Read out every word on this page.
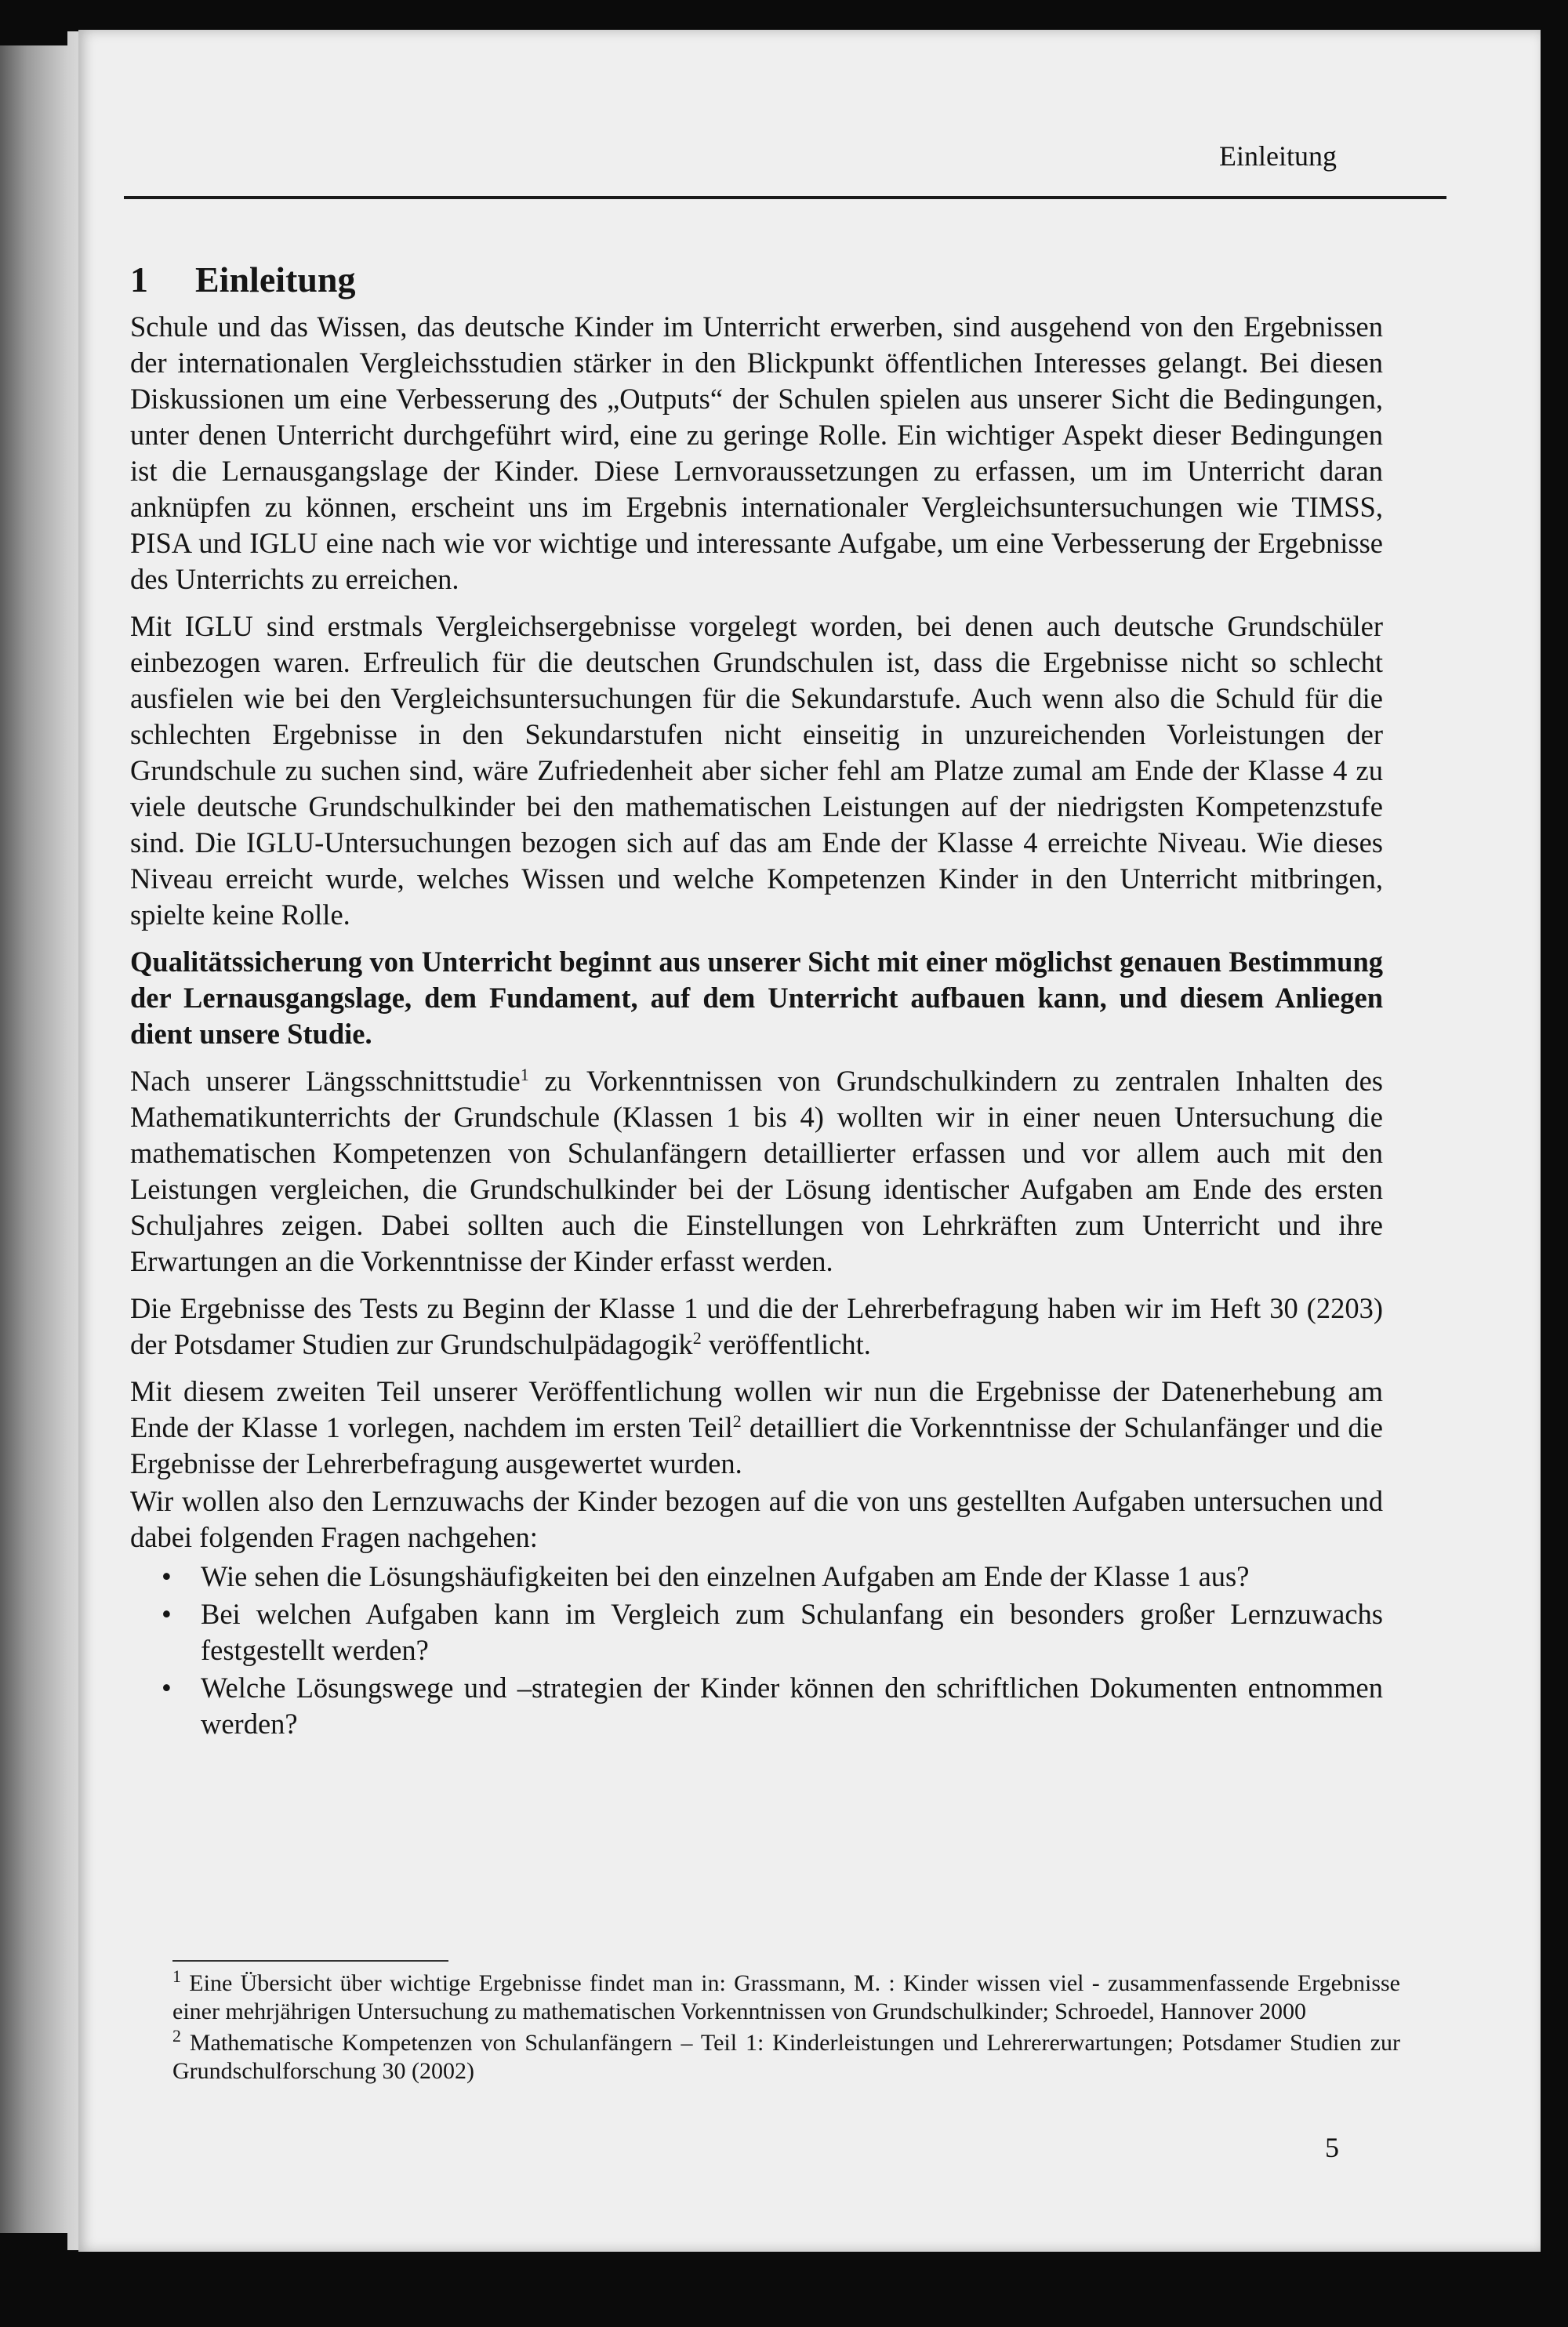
Einleitung
1 Einleitung

Schule und das Wissen, das deutsche Kinder im Unterricht erwerben, sind ausgehend von den Ergebnissen der internationalen Vergleichsstudien stärker in den Blickpunkt öffentlichen Interesses gelangt. Bei diesen Diskussionen um eine Verbesserung des „Outputs“ der Schulen spielen aus unserer Sicht die Bedingungen, unter denen Unterricht durchgeführt wird, eine zu geringe Rolle. Ein wichtiger Aspekt dieser Bedingungen ist die Lernausgangslage der Kinder. Diese Lernvoraussetzungen zu erfassen, um im Unterricht daran anknüpfen zu können, erscheint uns im Ergebnis internationaler Vergleichsuntersuchungen wie TIMSS, PISA und IGLU eine nach wie vor wichtige und interessante Aufgabe, um eine Verbesserung der Ergebnisse des Unterrichts zu erreichen.

Mit IGLU sind erstmals Vergleichsergebnisse vorgelegt worden, bei denen auch deutsche Grundschüler einbezogen waren. Erfreulich für die deutschen Grundschulen ist, dass die Ergebnisse nicht so schlecht ausfielen wie bei den Vergleichsuntersuchungen für die Sekundarstufe. Auch wenn also die Schuld für die schlechten Ergebnisse in den Sekundarstufen nicht einseitig in unzureichenden Vorleistungen der Grundschule zu suchen sind, wäre Zufriedenheit aber sicher fehl am Platze zumal am Ende der Klasse 4 zu viele deutsche Grundschulkinder bei den mathematischen Leistungen auf der niedrigsten Kompetenzstufe sind. Die IGLU-Untersuchungen bezogen sich auf das am Ende der Klasse 4 erreichte Niveau. Wie dieses Niveau erreicht wurde, welches Wissen und welche Kompetenzen Kinder in den Unterricht mitbringen, spielte keine Rolle.

Qualitätssicherung von Unterricht beginnt aus unserer Sicht mit einer möglichst genauen Bestimmung der Lernausgangslage, dem Fundament, auf dem Unterricht aufbauen kann, und diesem Anliegen dient unsere Studie.

Nach unserer Längsschnittstudie$^1$ zu Vorkenntnissen von Grundschulkindern zu zentralen Inhalten des Mathematikunterrichts der Grundschule (Klassen 1 bis 4) wollten wir in einer neuen Untersuchung die mathematischen Kompetenzen von Schulanfängern detaillierter erfassen und vor allem auch mit den Leistungen vergleichen, die Grundschulkinder bei der Lösung identischer Aufgaben am Ende des ersten Schuljahres zeigen. Dabei sollten auch die Einstellungen von Lehrkräften zum Unterricht und ihre Erwartungen an die Vorkenntnisse der Kinder erfasst werden.

Die Ergebnisse des Tests zu Beginn der Klasse 1 und die der Lehrerbefragung haben wir im Heft 30 (2203) der Potsdamer Studien zur Grundschulpädagogik$^2$ veröffentlicht.

Mit diesem zweiten Teil unserer Veröffentlichung wollen wir nun die Ergebnisse der Datenerhebung am Ende der Klasse 1 vorlegen, nachdem im ersten Teil$^2$ detailliert die Vorkenntnisse der Schulanfänger und die Ergebnisse der Lehrerbefragung ausgewertet wurden.

Wir wollen also den Lernzuwachs der Kinder bezogen auf die von uns gestellten Aufgaben untersuchen und dabei folgenden Fragen nachgehen:

• Wie sehen die Lösungshäufigkeiten bei den einzelnen Aufgaben am Ende der Klasse 1 aus?
• Bei welchen Aufgaben kann im Vergleich zum Schulanfang ein besonders großer Lernzuwachs festgestellt werden?
• Welche Lösungswege und –strategien der Kinder können den schriftlichen Dokumenten entnommen werden?

$^1$ Eine Übersicht über wichtige Ergebnisse findet man in: Grassmann, M. : Kinder wissen viel - zusammenfassende Ergebnisse einer mehrjährigen Untersuchung zu mathematischen Vorkenntnissen von Grundschulkinder; Schroedel, Hannover 2000

$^2$ Mathematische Kompetenzen von Schulanfängern – Teil 1: Kinderleistungen und Lehrererwartungen; Potsdamer Studien zur Grundschulforschung 30 (2002)

5
